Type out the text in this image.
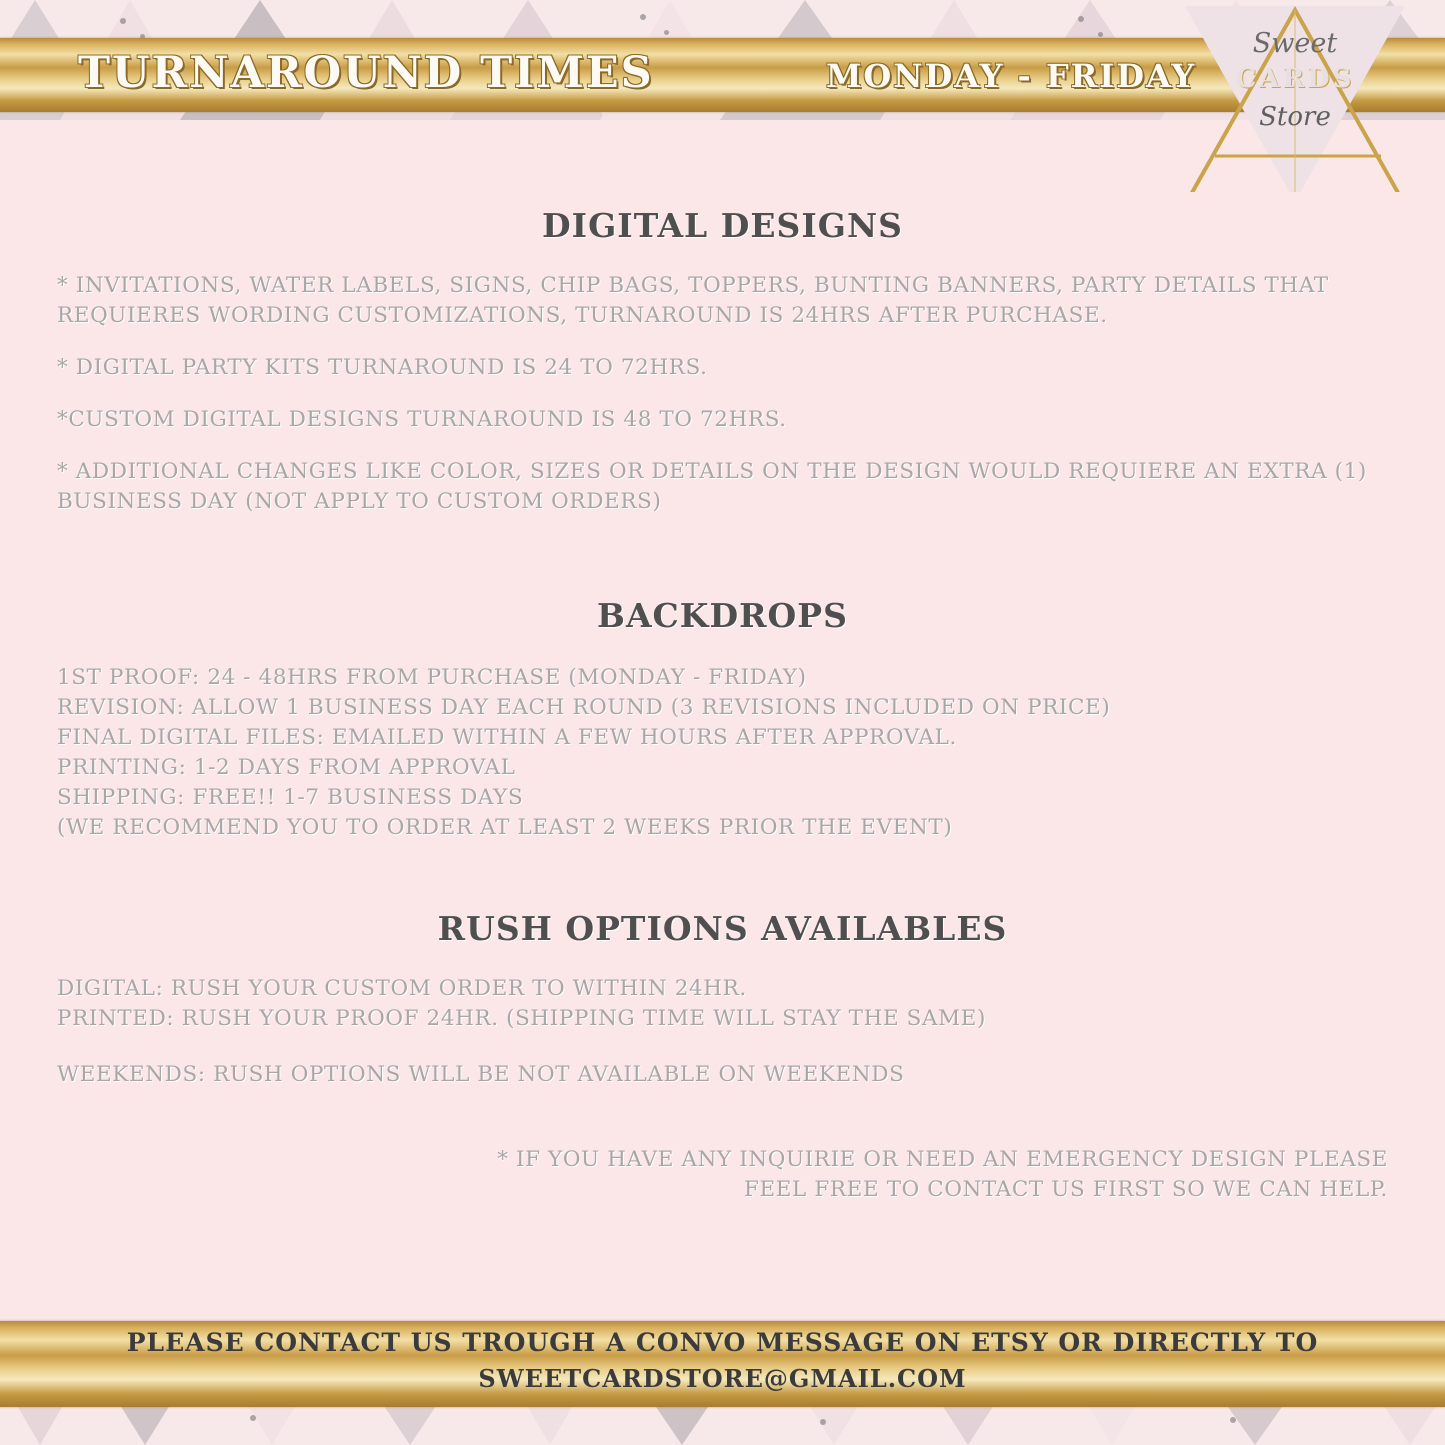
TURNAROUND TIMES	MONDAY - FRIDAY
Sweet
CARDS
Store
DIGITAL DESIGNS

* INVITATIONS, WATER LABELS, SIGNS, CHIP BAGS, TOPPERS, BUNTING BANNERS, PARTY DETAILS THAT REQUIERES WORDING CUSTOMIZATIONS, TURNAROUND IS 24HRS AFTER PURCHASE.

* DIGITAL PARTY KITS TURNAROUND IS 24 TO 72HRS.

*CUSTOM DIGITAL DESIGNS TURNAROUND IS 48 TO 72HRS.

* ADDITIONAL CHANGES LIKE COLOR, SIZES OR DETAILS ON THE DESIGN WOULD REQUIERE AN EXTRA (1) BUSINESS DAY (NOT APPLY TO CUSTOM ORDERS)

BACKDROPS

1ST PROOF: 24 - 48HRS FROM PURCHASE (MONDAY - FRIDAY)

REVISION: ALLOW 1 BUSINESS DAY EACH ROUND (3 REVISIONS INCLUDED ON PRICE)

FINAL DIGITAL FILES: EMAILED WITHIN A FEW HOURS AFTER APPROVAL.

PRINTING: 1-2 DAYS FROM APPROVAL

SHIPPING: FREE!! 1-7 BUSINESS DAYS

(WE RECOMMEND YOU TO ORDER AT LEAST 2 WEEKS PRIOR THE EVENT)

RUSH OPTIONS AVAILABLES

DIGITAL: RUSH YOUR CUSTOM ORDER TO WITHIN 24HR.

PRINTED: RUSH YOUR PROOF 24HR. (SHIPPING TIME WILL STAY THE SAME)

WEEKENDS: RUSH OPTIONS WILL BE NOT AVAILABLE ON WEEKENDS

* IF YOU HAVE ANY INQUIRIE OR NEED AN EMERGENCY DESIGN PLEASE

FEEL FREE TO CONTACT US FIRST SO WE CAN HELP.

PLEASE CONTACT US TROUGH A CONVO MESSAGE ON ETSY OR DIRECTLY TO
SWEETCARDSTORE@GMAIL.COM
